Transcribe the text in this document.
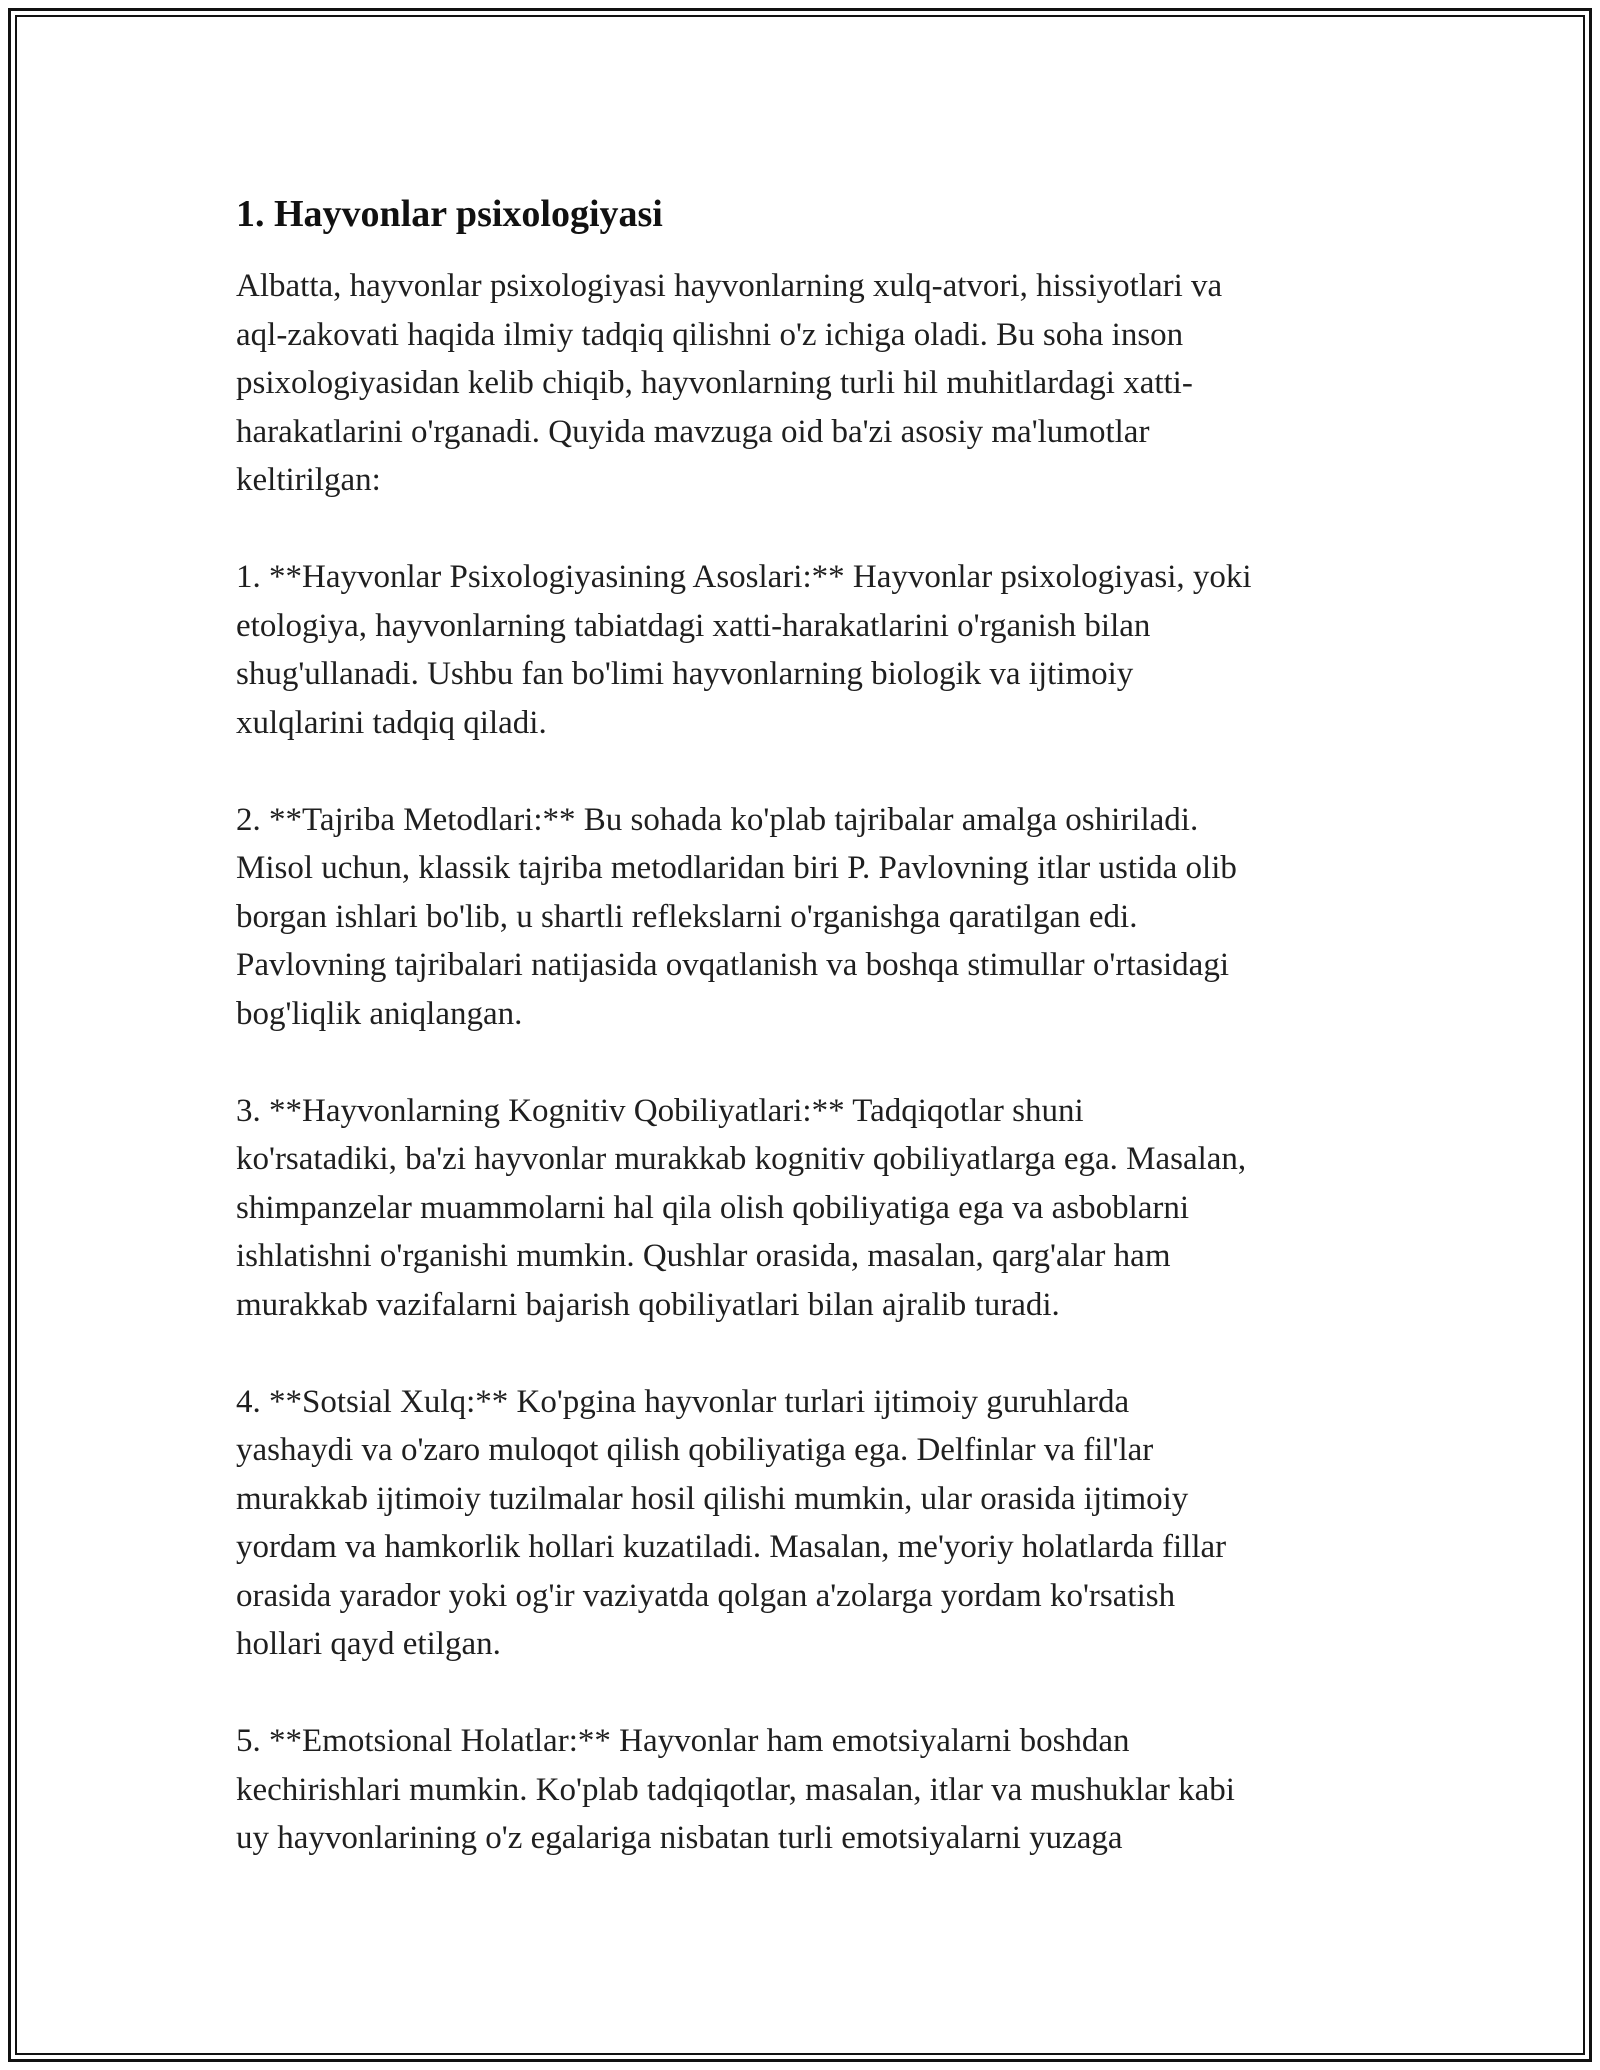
1. Hayvonlar psixologiyasi

Albatta, hayvonlar psixologiyasi hayvonlarning xulq-atvori, hissiyotlari va
aql-zakovati haqida ilmiy tadqiq qilishni o'z ichiga oladi. Bu soha inson
psixologiyasidan kelib chiqib, hayvonlarning turli hil muhitlardagi xatti-
harakatlarini o'rganadi. Quyida mavzuga oid ba'zi asosiy ma'lumotlar
keltirilgan:

1. **Hayvonlar Psixologiyasining Asoslari:** Hayvonlar psixologiyasi, yoki
etologiya, hayvonlarning tabiatdagi xatti-harakatlarini o'rganish bilan
shug'ullanadi. Ushbu fan bo'limi hayvonlarning biologik va ijtimoiy
xulqlarini tadqiq qiladi.

2. **Tajriba Metodlari:** Bu sohada ko'plab tajribalar amalga oshiriladi.
Misol uchun, klassik tajriba metodlaridan biri P. Pavlovning itlar ustida olib
borgan ishlari bo'lib, u shartli reflekslarni o'rganishga qaratilgan edi.
Pavlovning tajribalari natijasida ovqatlanish va boshqa stimullar o'rtasidagi
bog'liqlik aniqlangan.

3. **Hayvonlarning Kognitiv Qobiliyatlari:** Tadqiqotlar shuni
ko'rsatadiki, ba'zi hayvonlar murakkab kognitiv qobiliyatlarga ega. Masalan,
shimpanzelar muammolarni hal qila olish qobiliyatiga ega va asboblarni
ishlatishni o'rganishi mumkin. Qushlar orasida, masalan, qarg'alar ham
murakkab vazifalarni bajarish qobiliyatlari bilan ajralib turadi.

4. **Sotsial Xulq:** Ko'pgina hayvonlar turlari ijtimoiy guruhlarda
yashaydi va o'zaro muloqot qilish qobiliyatiga ega. Delfinlar va fil'lar
murakkab ijtimoiy tuzilmalar hosil qilishi mumkin, ular orasida ijtimoiy
yordam va hamkorlik hollari kuzatiladi. Masalan, me'yoriy holatlarda fillar
orasida yarador yoki og'ir vaziyatda qolgan a'zolarga yordam ko'rsatish
hollari qayd etilgan.

5. **Emotsional Holatlar:** Hayvonlar ham emotsiyalarni boshdan
kechirishlari mumkin. Ko'plab tadqiqotlar, masalan, itlar va mushuklar kabi
uy hayvonlarining o'z egalariga nisbatan turli emotsiyalarni yuzaga
